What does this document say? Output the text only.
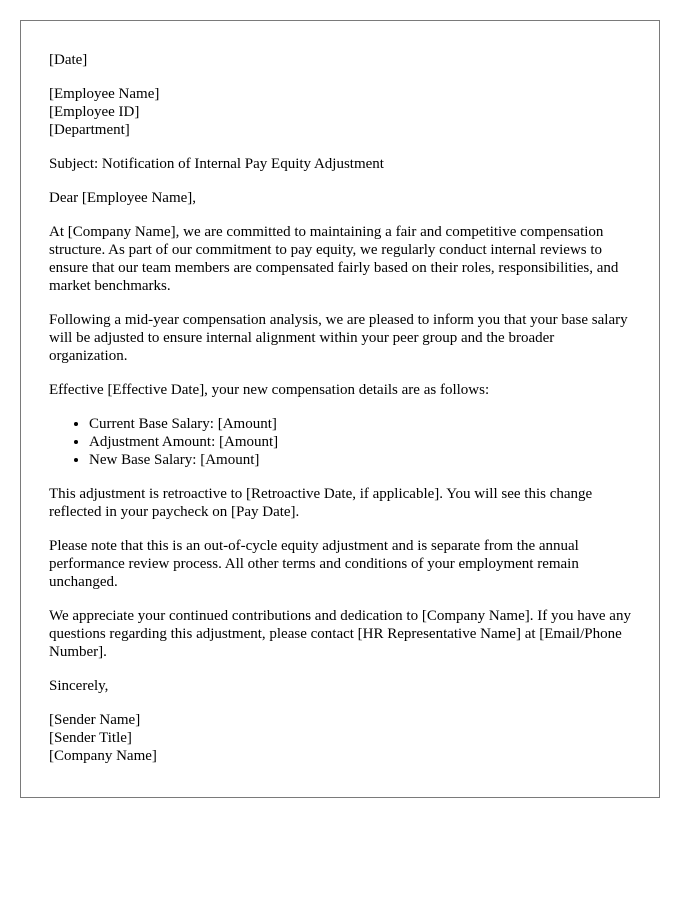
[Date]

[Employee Name]

[Employee ID]

[Department]

Subject: Notification of Internal Pay Equity Adjustment

Dear [Employee Name],

At [Company Name], we are committed to maintaining a fair and competitive compensation structure. As part of our commitment to pay equity, we regularly conduct internal reviews to ensure that our team members are compensated fairly based on their roles, responsibilities, and market benchmarks.

Following a mid-year compensation analysis, we are pleased to inform you that your base salary will be adjusted to ensure internal alignment within your peer group and the broader organization.

Effective [Effective Date], your new compensation details are as follows:

• Current Base Salary: [Amount]
• Adjustment Amount: [Amount]
• New Base Salary: [Amount]

This adjustment is retroactive to [Retroactive Date, if applicable]. You will see this change reflected in your paycheck on [Pay Date].

Please note that this is an out-of-cycle equity adjustment and is separate from the annual performance review process. All other terms and conditions of your employment remain unchanged.

We appreciate your continued contributions and dedication to [Company Name]. If you have any questions regarding this adjustment, please contact [HR Representative Name] at [Email/Phone Number].

Sincerely,

[Sender Name]

[Sender Title]

[Company Name]
